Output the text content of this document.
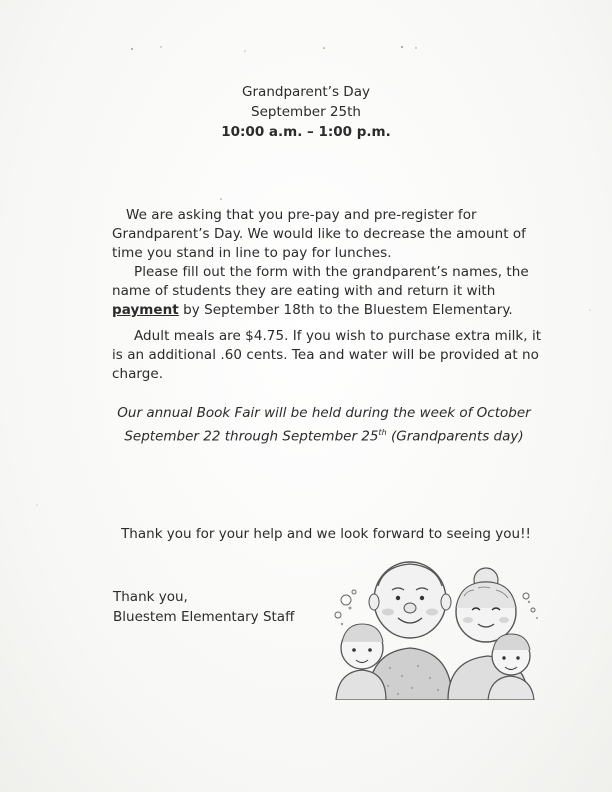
Grandparent’s Day
September 25th
10:00 a.m. – 1:00 p.m.
We are asking that you pre-pay and pre-register for Grandparent’s Day. We would like to decrease the amount of time you stand in line to pay for lunches.
Please fill out the form with the grandparent’s names, the name of students they are eating with and return it with payment by September 18th to the Bluestem Elementary.
Adult meals are $4.75. If you wish to purchase extra milk, it is an additional .60 cents. Tea and water will be provided at no charge.
Our annual Book Fair will be held during the week of October
September 22 through September 25th (Grandparents day)
Thank you for your help and we look forward to seeing you!!
Thank you,
Bluestem Elementary Staff
